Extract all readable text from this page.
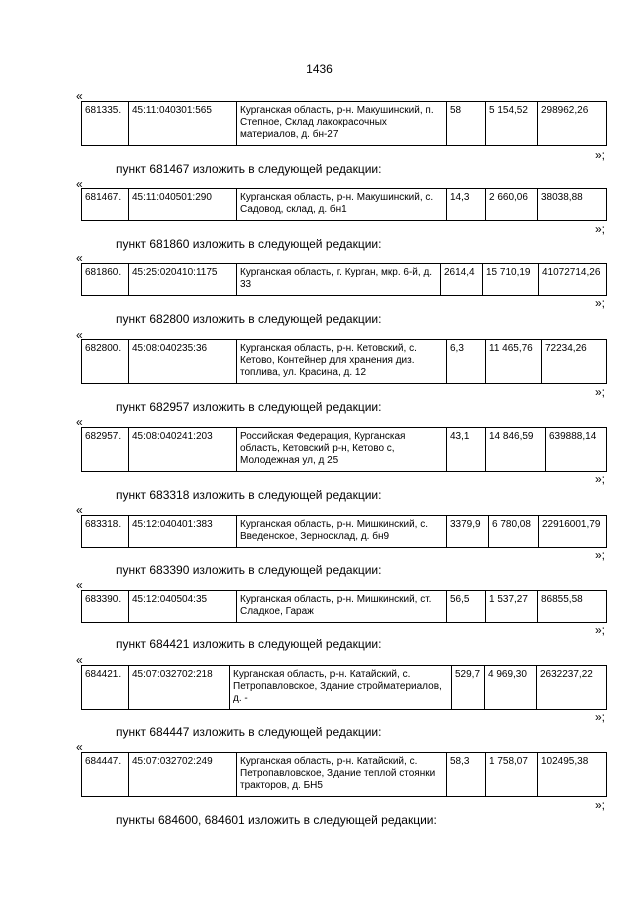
1436
«
681335.	45:11:040301:565	Курганская область, р-н. Макушинский, п. Степное, Склад лакокрасочных материалов, д. бн-27	58	5 154,52	298962,26
»;
пункт 681467 изложить в следующей редакции:
«
681467.	45:11:040501:290	Курганская область, р-н. Макушинский, с. Садовод, склад, д. бн1	14,3	2 660,06	38038,88
»;
пункт 681860 изложить в следующей редакции:
«
681860.	45:25:020410:1175	Курганская область, г. Курган, мкр. 6-й, д. 33	2614,4	15 710,19	41072714,26
»;
пункт 682800 изложить в следующей редакции:
«
682800.	45:08:040235:36	Курганская область, р-н. Кетовский, с. Кетово, Контейнер для хранения диз. топлива, ул. Красина, д. 12	6,3	11 465,76	72234,26
»;
пункт 682957 изложить в следующей редакции:
«
682957.	45:08:040241:203	Российская Федерация, Курганская область, Кетовский р-н, Кетово с, Молодежная ул, д 25	43,1	14 846,59	639888,14
»;
пункт 683318 изложить в следующей редакции:
«
683318.	45:12:040401:383	Курганская область, р-н. Мишкинский, с. Введенское, Зерносклад, д. бн9	3379,9	6 780,08	22916001,79
»;
пункт 683390 изложить в следующей редакции:
«
683390.	45:12:040504:35	Курганская область, р-н. Мишкинский, ст. Сладкое, Гараж	56,5	1 537,27	86855,58
»;
пункт 684421 изложить в следующей редакции:
«
684421.	45:07:032702:218	Курганская область, р-н. Катайский, с. Петропавловское, Здание стройматериалов, д. -	529,7	4 969,30	2632237,22
»;
пункт 684447 изложить в следующей редакции:
«
684447.	45:07:032702:249	Курганская область, р-н. Катайский, с. Петропавловское, Здание теплой стоянки тракторов, д. БН5	58,3	1 758,07	102495,38
»;
пункты 684600, 684601 изложить в следующей редакции:
